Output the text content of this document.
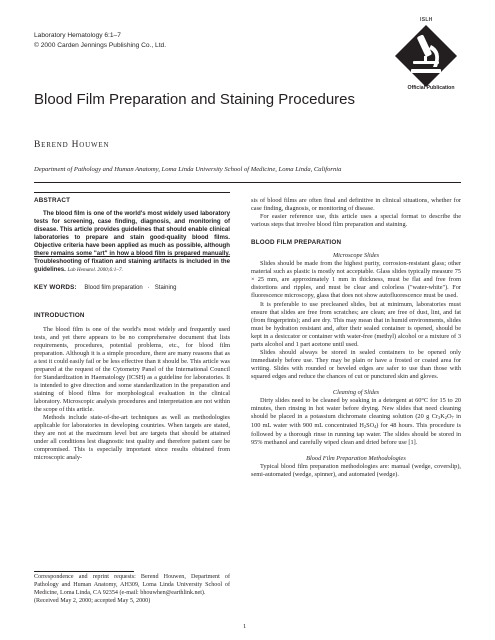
Laboratory Hematology 6:1–7
© 2000 Carden Jennings Publishing Co., Ltd.
ISLH
Official Publication
Blood Film Preparation and Staining Procedures
Berend Houwen
Department of Pathology and Human Anatomy, Loma Linda University School of Medicine, Loma Linda, California
ABSTRACT

The blood film is one of the world's most widely used laboratory tests for screening, case finding, diagnosis, and monitoring of disease. This article provides guidelines that should enable clinical laboratories to prepare and stain good-quality blood films. Objective criteria have been applied as much as possible, although there remains some "art" in how a blood film is prepared manually. Troubleshooting of fixation and staining artifacts is included in the guidelines. Lab Hematol. 2000;6:1–7.

KEY WORDS: Blood film preparation   ·   Staining

INTRODUCTION

The blood film is one of the world's most widely and frequently used tests, and yet there appears to be no comprehensive document that lists requirements, procedures, potential problems, etc., for blood film preparation. Although it is a simple procedure, there are many reasons that as a test it could easily fail or be less effective than it should be. This article was prepared at the request of the Cytometry Panel of the International Council for Standardization in Haematology (ICSH) as a guideline for laboratories. It is intended to give direction and some standardization in the preparation and staining of blood films for morphological evaluation in the clinical laboratory. Microscopic analysis procedures and interpretation are not within the scope of this article.

Methods include state-of-the-art techniques as well as methodologies applicable for laboratories in developing countries. When targets are stated, they are not at the maximum level but are targets that should be attained under all conditions lest diagnostic test quality and therefore patient care be compromised. This is especially important since results obtained from microscopic analy-

Correspondence and reprint requests: Berend Houwen, Department of Pathology and Human Anatomy, AH309, Loma Linda University School of Medicine, Loma Linda, CA 92354 (e-mail: bhouwhen@earthlink.net).
(Received May 2, 2000; accepted May 5, 2000)

sis of blood films are often final and definitive in clinical situations, whether for case finding, diagnosis, or monitoring of disease.

For easier reference use, this article uses a special format to describe the various steps that involve blood film preparation and staining.

BLOOD FILM PREPARATION

Microscope Slides

Slides should be made from the highest purity, corrosion-resistant glass; other material such as plastic is mostly not acceptable. Glass slides typically measure 75 × 25 mm, are approximately 1 mm in thickness, must be flat and free from distortions and ripples, and must be clear and colorless ("water-white"). For fluorescence microscopy, glass that does not show autofluorescence must be used.

It is preferable to use precleaned slides, but at minimum, laboratories must ensure that slides are free from scratches; are clean; are free of dust, lint, and fat (from fingerprints); and are dry. This may mean that in humid environments, slides must be hydration resistant and, after their sealed container is opened, should be kept in a desiccator or container with water-free (methyl) alcohol or a mixture of 3 parts alcohol and 1 part acetone until used.

Slides should always be stored in sealed containers to be opened only immediately before use. They may be plain or have a frosted or coated area for writing. Slides with rounded or beveled edges are safer to use than those with squared edges and reduce the chances of cut or punctured skin and gloves.

Cleaning of Slides

Dirty slides need to be cleaned by soaking in a detergent at 60°C for 15 to 20 minutes, then rinsing in hot water before drying. New slides that need cleaning should be placed in a potassium dichromate cleaning solution (20 g $Cr_2K_2O_7$ in 100 mL water with 900 mL concentrated $H_2SO_4$) for 48 hours. This procedure is followed by a thorough rinse in running tap water. The slides should be stored in 95% methanol and carefully wiped clean and dried before use [1].

Blood Film Preparation Methodologies

Typical blood film preparation methodologies are: manual (wedge, coverslip), semi-automated (wedge, spinner), and automated (wedge).

1
